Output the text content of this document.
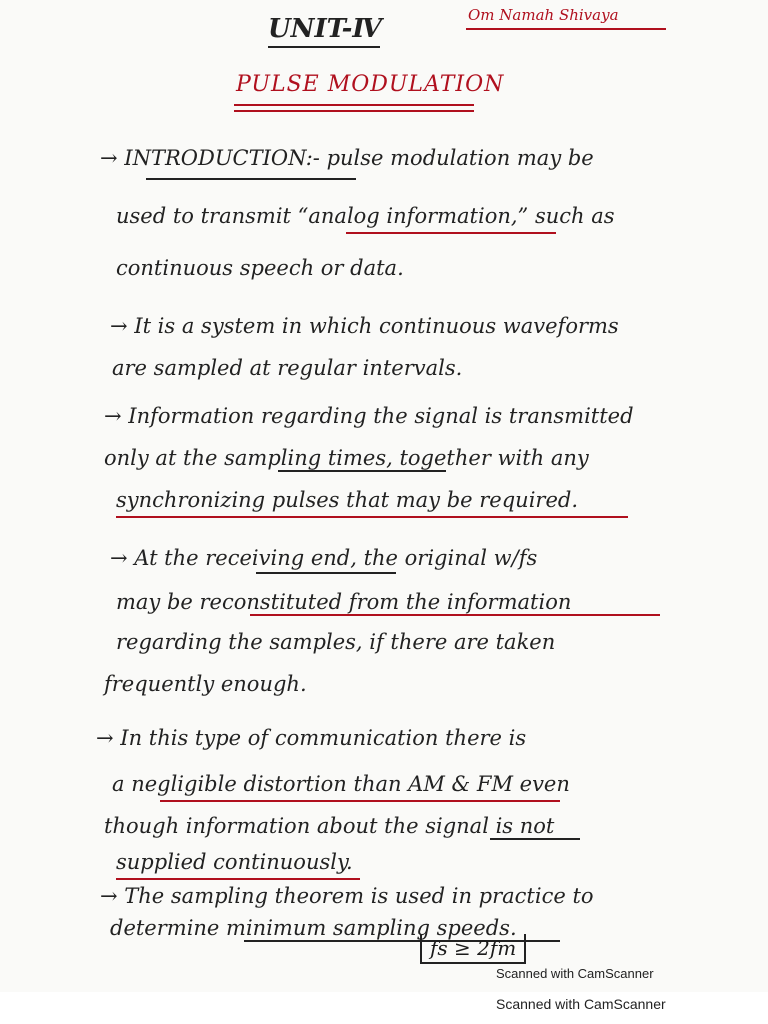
UNIT-Ⅳ	Om Namah Shivaya
PULSE MODULATION
→ INTRODUCTION:- pulse modulation may be
used to transmit “analog information,” such as
continuous speech or data.
→ It is a system in which continuous waveforms
are sampled at regular intervals.
→ Information regarding the signal is transmitted
only at the sampling times, together with any
synchronizing pulses that may be required.
→ At the receiving end, the original w/fs
may be reconstituted from the information
regarding the samples, if there are taken
frequently enough.
→ In this type of communication there is
a negligible distortion than AM & FM even
though information about the signal is not
supplied continuously.
→ The sampling theorem is used in practice to
determine minimum sampling speeds.
fs ≥ 2fm
Scanned with CamScanner
Scanned with CamScanner
